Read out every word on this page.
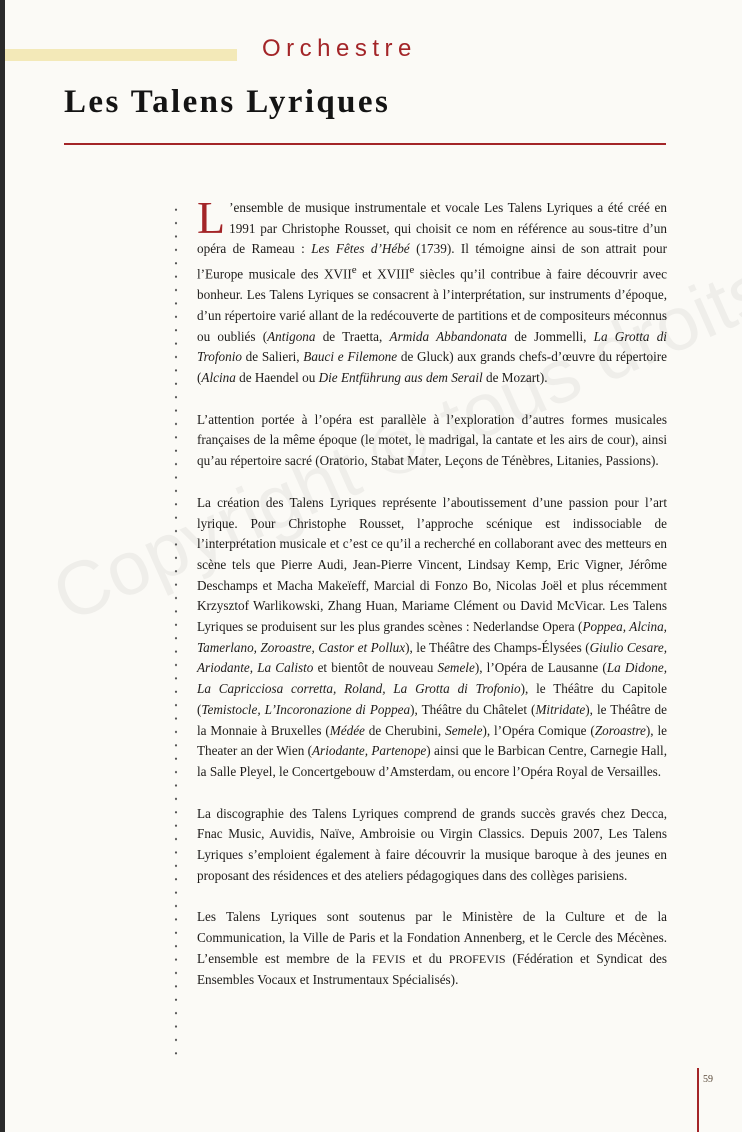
Orchestre
Les Talens Lyriques

L ’ensemble de musique instrumentale et vocale Les Talens Lyriques a été créé en 1991 par Christophe Rousset, qui choisit ce nom en référence au sous-titre d’un opéra de Rameau : Les Fêtes d’Hébé (1739). Il témoigne ainsi de son attrait pour l’Europe musicale des XVIIe et XVIIIe siècles qu’il contribue à faire découvrir avec bonheur. Les Talens Lyriques se consacrent à l’interprétation, sur instruments d’époque, d’un répertoire varié allant de la redécouverte de partitions et de compositeurs méconnus ou oubliés (Antigona de Traetta, Armida Abbandonata de Jommelli, La Grotta di Trofonio de Salieri, Bauci e Filemone de Gluck) aux grands chefs-d’œuvre du répertoire (Alcina de Haendel ou Die Entführung aus dem Serail de Mozart).

L’attention portée à l’opéra est parallèle à l’exploration d’autres formes musicales françaises de la même époque (le motet, le madrigal, la cantate et les airs de cour), ainsi qu’au répertoire sacré (Oratorio, Stabat Mater, Leçons de Ténèbres, Litanies, Passions).

La création des Talens Lyriques représente l’aboutissement d’une passion pour l’art lyrique. Pour Christophe Rousset, l’approche scénique est indissociable de l’interprétation musicale et c’est ce qu’il a recherché en collaborant avec des metteurs en scène tels que Pierre Audi, Jean-Pierre Vincent, Lindsay Kemp, Eric Vigner, Jérôme Deschamps et Macha Makeïeff, Marcial di Fonzo Bo, Nicolas Joël et plus récemment Krzysztof Warlikowski, Zhang Huan, Mariame Clément ou David McVicar. Les Talens Lyriques se produisent sur les plus grandes scènes : Nederlandse Opera (Poppea, Alcina, Tamerlano, Zoroastre, Castor et Pollux), le Théâtre des Champs-Élysées (Giulio Cesare, Ariodante, La Calisto et bientôt de nouveau Semele), l’Opéra de Lausanne (La Didone, La Capricciosa corretta, Roland, La Grotta di Trofonio), le Théâtre du Capitole (Temistocle, L’Incoronazione di Poppea), Théâtre du Châtelet (Mitridate), le Théâtre de la Monnaie à Bruxelles (Médée de Cherubini, Semele), l’Opéra Comique (Zoroastre), le Theater an der Wien (Ariodante, Partenope) ainsi que le Barbican Centre, Carnegie Hall, la Salle Pleyel, le Concertgebouw d’Amsterdam, ou encore l’Opéra Royal de Versailles.

La discographie des Talens Lyriques comprend de grands succès gravés chez Decca, Fnac Music, Auvidis, Naïve, Ambroisie ou Virgin Classics. Depuis 2007, Les Talens Lyriques s’emploient également à faire découvrir la musique baroque à des jeunes en proposant des résidences et des ateliers pédagogiques dans des collèges parisiens.

Les Talens Lyriques sont soutenus par le Ministère de la Culture et de la Communication, la Ville de Paris et la Fondation Annenberg, et le Cercle des Mécènes. L’ensemble est membre de la FEVIS et du PROFEVIS (Fédération et Syndicat des Ensembles Vocaux et Instrumentaux Spécialisés).

59
